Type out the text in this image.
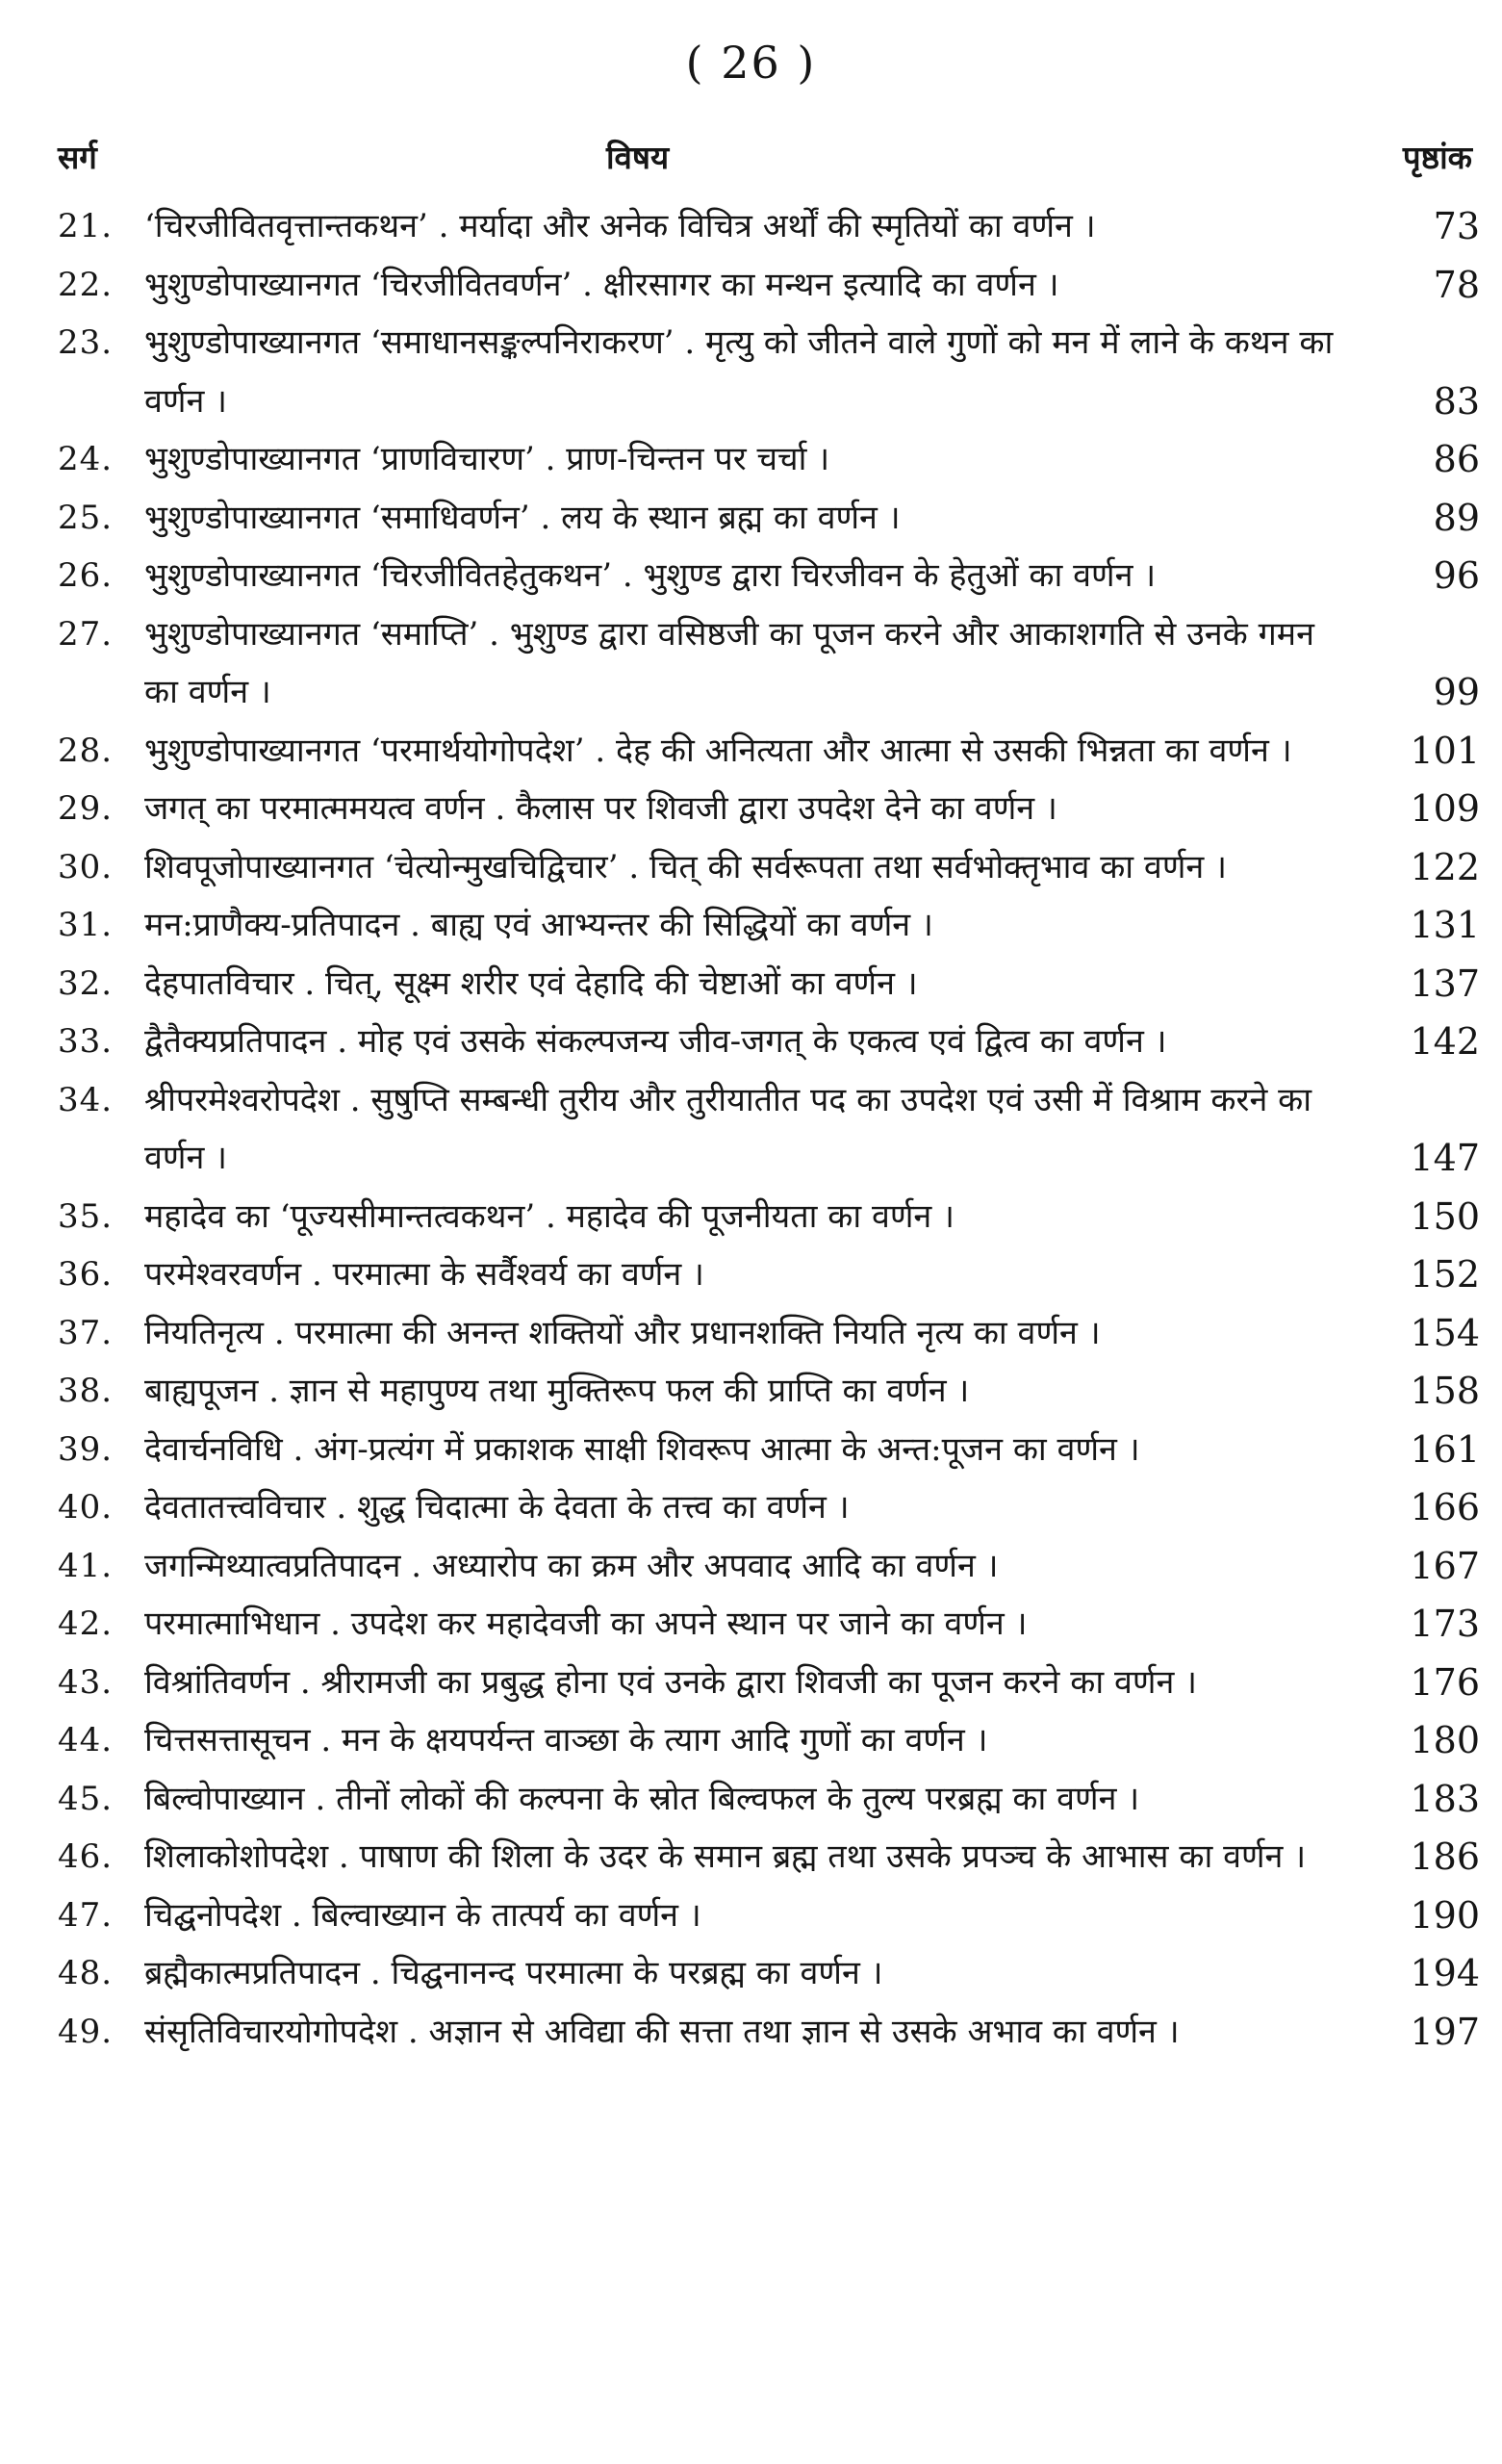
( 26 )
सर्ग	विषय	पृष्ठांक
21. ‘चिरजीवितवृत्तान्तकथन’ . मर्यादा और अनेक विचित्र अर्थों की स्मृतियों का वर्णन ।	73
22. भुशुण्डोपाख्यानगत ‘चिरजीवितवर्णन’ . क्षीरसागर का मन्थन इत्यादि का वर्णन ।	78
23. भुशुण्डोपाख्यानगत ‘समाधानसङ्कल्पनिराकरण’ . मृत्यु को जीतने वाले गुणों को मन में लाने के कथन का वर्णन ।	83
24. भुशुण्डोपाख्यानगत ‘प्राणविचारण’ . प्राण-चिन्तन पर चर्चा ।	86
25. भुशुण्डोपाख्यानगत ‘समाधिवर्णन’ . लय के स्थान ब्रह्म का वर्णन ।	89
26. भुशुण्डोपाख्यानगत ‘चिरजीवितहेतुकथन’ . भुशुण्ड द्वारा चिरजीवन के हेतुओं का वर्णन ।	96
27. भुशुण्डोपाख्यानगत ‘समाप्ति’ . भुशुण्ड द्वारा वसिष्ठजी का पूजन करने और आकाशगति से उनके गमन का वर्णन ।	99
28. भुशुण्डोपाख्यानगत ‘परमार्थयोगोपदेश’ . देह की अनित्यता और आत्मा से उसकी भिन्नता का वर्णन ।	101
29. जगत् का परमात्ममयत्व वर्णन . कैलास पर शिवजी द्वारा उपदेश देने का वर्णन ।	109
30. शिवपूजोपाख्यानगत ‘चेत्योन्मुखचिद्विचार’ . चित् की सर्वरूपता तथा सर्वभोक्तृभाव का वर्णन ।	122
31. मन:प्राणैक्य-प्रतिपादन . बाह्य एवं आभ्यन्तर की सिद्धियों का वर्णन ।	131
32. देहपातविचार . चित्, सूक्ष्म शरीर एवं देहादि की चेष्टाओं का वर्णन ।	137
33. द्वैतैक्यप्रतिपादन . मोह एवं उसके संकल्पजन्य जीव-जगत् के एकत्व एवं द्वित्व का वर्णन ।	142
34. श्रीपरमेश्वरोपदेश . सुषुप्ति सम्बन्धी तुरीय और तुरीयातीत पद का उपदेश एवं उसी में विश्राम करने का वर्णन ।	147
35. महादेव का ‘पूज्यसीमान्तत्वकथन’ . महादेव की पूजनीयता का वर्णन ।	150
36. परमेश्वरवर्णन . परमात्मा के सर्वैश्वर्य का वर्णन ।	152
37. नियतिनृत्य . परमात्मा की अनन्त शक्तियों और प्रधानशक्ति नियति नृत्य का वर्णन ।	154
38. बाह्यपूजन . ज्ञान से महापुण्य तथा मुक्तिरूप फल की प्राप्ति का वर्णन ।	158
39. देवार्चनविधि . अंग-प्रत्यंग में प्रकाशक साक्षी शिवरूप आत्मा के अन्त:पूजन का वर्णन ।	161
40. देवतातत्त्वविचार . शुद्ध चिदात्मा के देवता के तत्त्व का वर्णन ।	166
41. जगन्मिथ्यात्वप्रतिपादन . अध्यारोप का क्रम और अपवाद आदि का वर्णन ।	167
42. परमात्माभिधान . उपदेश कर महादेवजी का अपने स्थान पर जाने का वर्णन ।	173
43. विश्रांतिवर्णन . श्रीरामजी का प्रबुद्ध होना एवं उनके द्वारा शिवजी का पूजन करने का वर्णन ।	176
44. चित्तसत्तासूचन . मन के क्षयपर्यन्त वाञ्छा के त्याग आदि गुणों का वर्णन ।	180
45. बिल्वोपाख्यान . तीनों लोकों की कल्पना के स्रोत बिल्वफल के तुल्य परब्रह्म का वर्णन ।	183
46. शिलाकोशोपदेश . पाषाण की शिला के उदर के समान ब्रह्म तथा उसके प्रपञ्च के आभास का वर्णन ।	186
47. चिद्घनोपदेश . बिल्वाख्यान के तात्पर्य का वर्णन ।	190
48. ब्रह्मैकात्मप्रतिपादन . चिद्घनानन्द परमात्मा के परब्रह्म का वर्णन ।	194
49. संसृतिविचारयोगोपदेश . अज्ञान से अविद्या की सत्ता तथा ज्ञान से उसके अभाव का वर्णन ।	197
